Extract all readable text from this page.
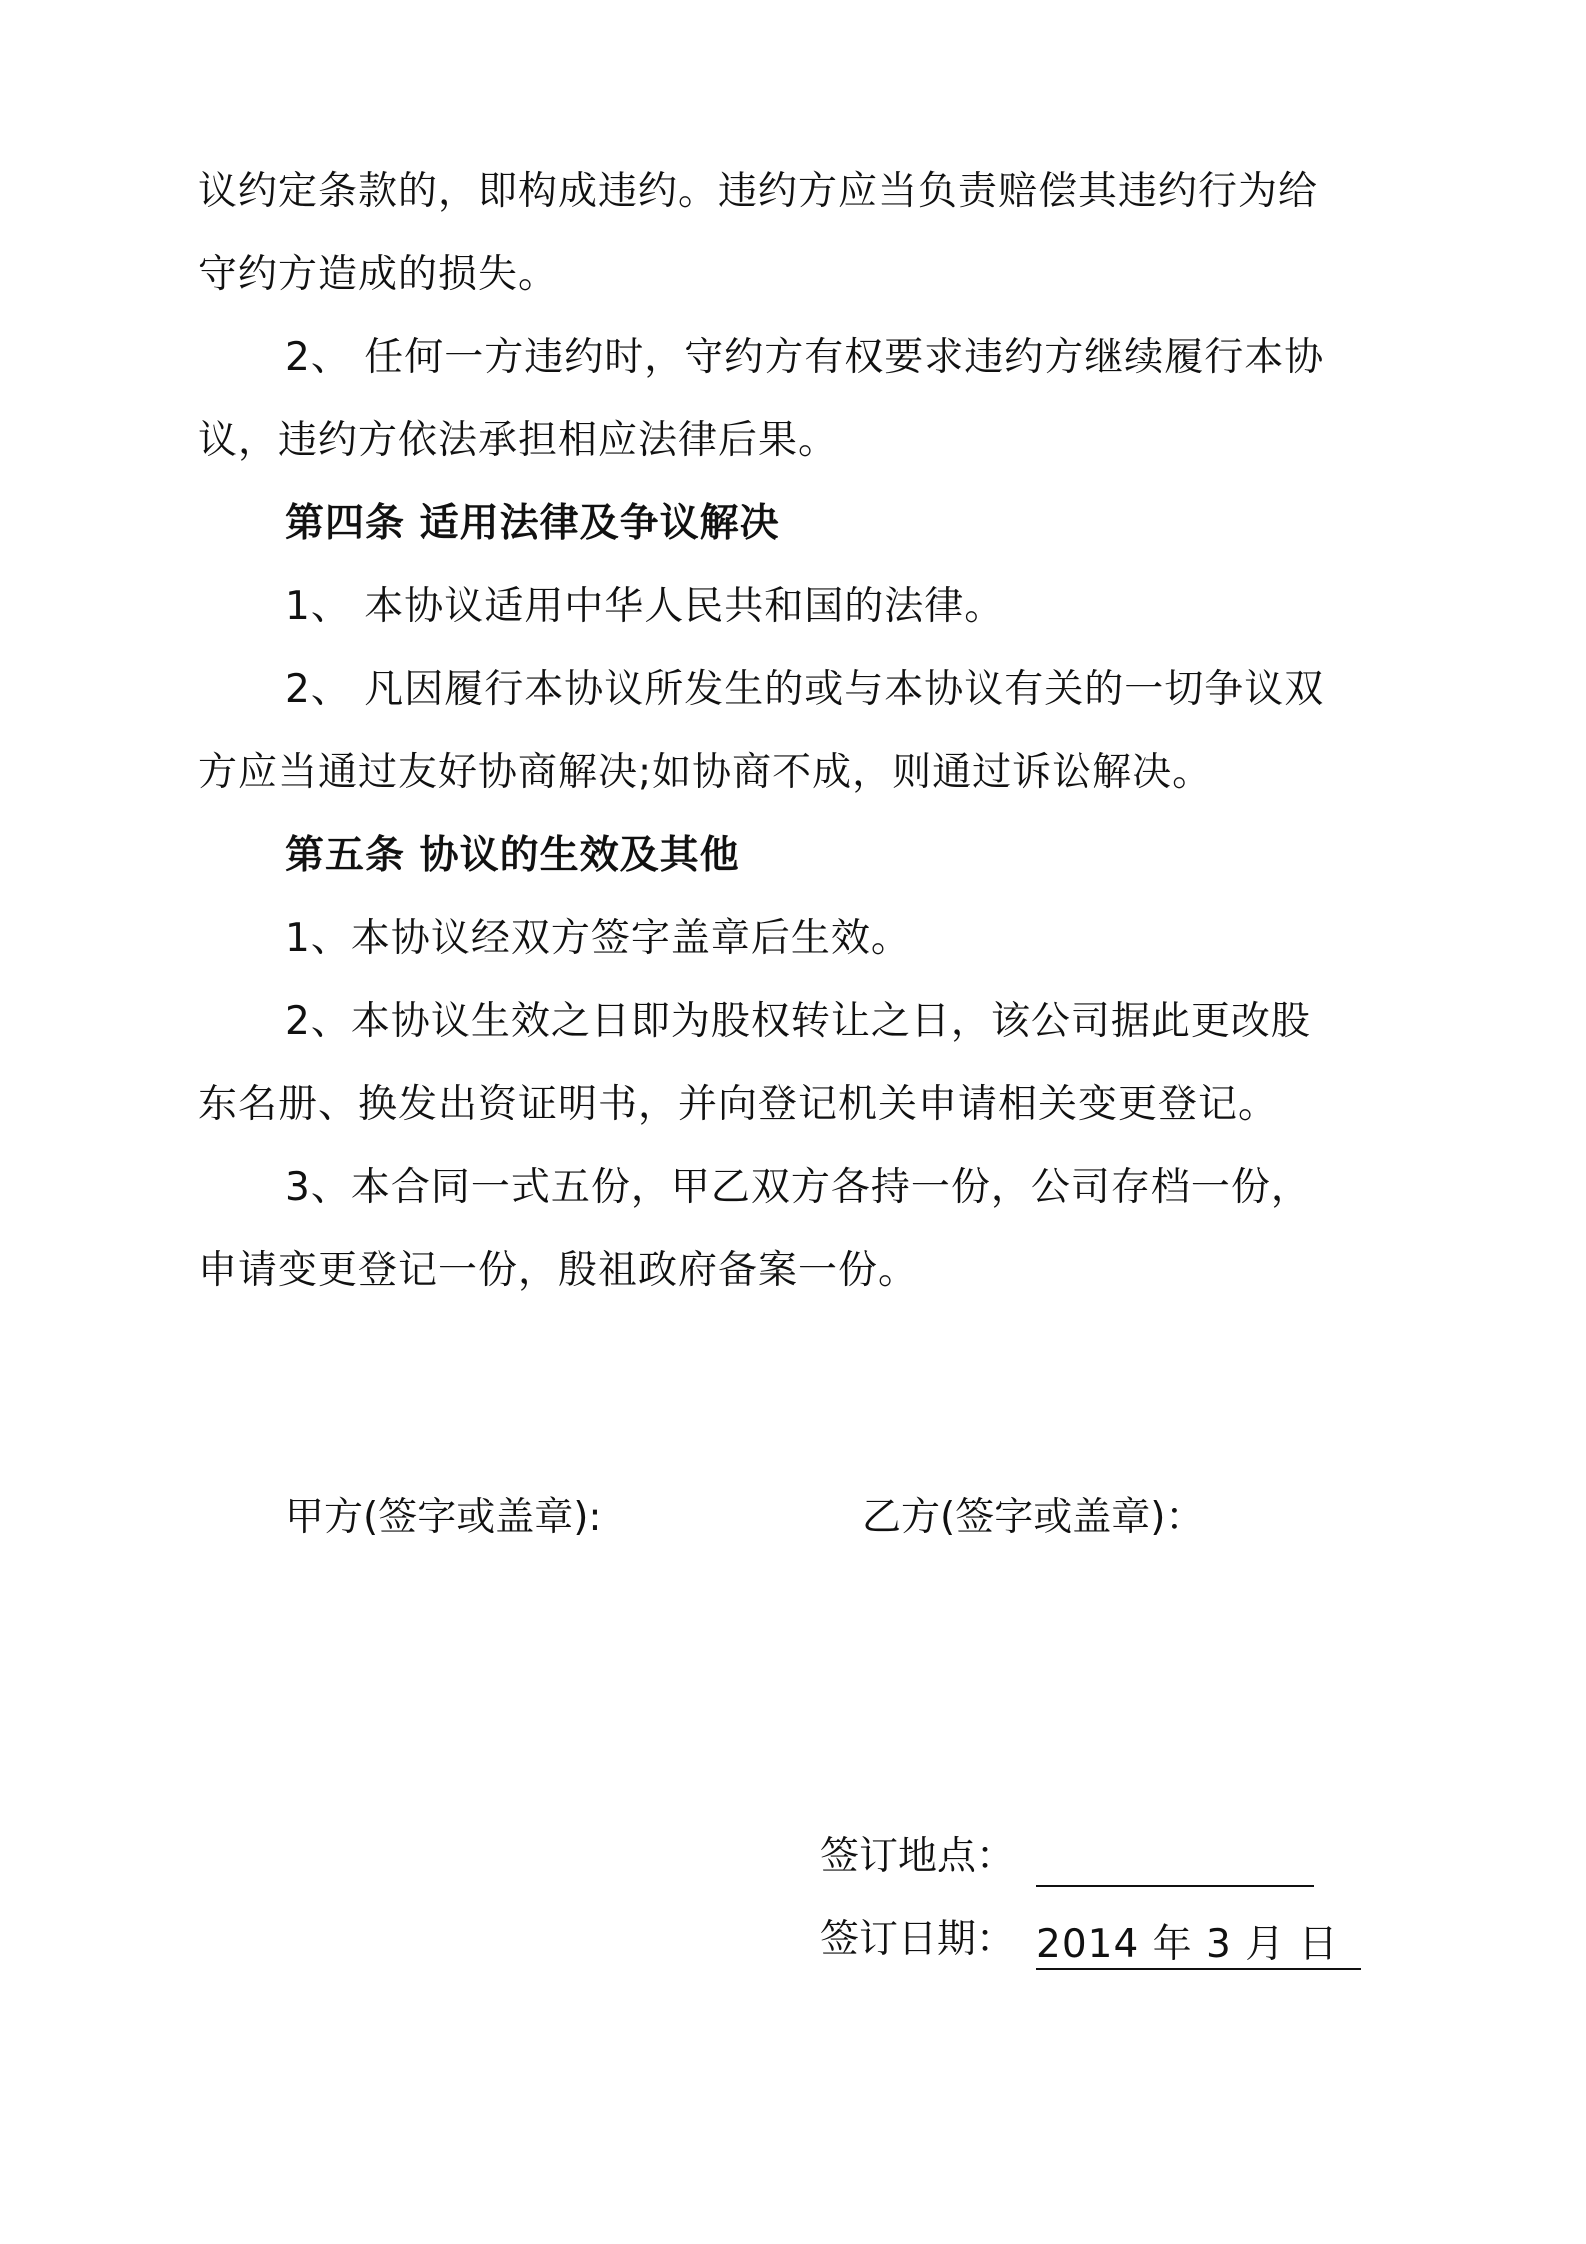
议约定条款的，即构成违约。违约方应当负责赔偿其违约行为给
守约方造成的损失。
2、 任何一方违约时，守约方有权要求违约方继续履行本协
议，违约方依法承担相应法律后果。
第四条 适用法律及争议解决
1、 本协议适用中华人民共和国的法律。
2、 凡因履行本协议所发生的或与本协议有关的一切争议双
方应当通过友好协商解决;如协商不成，则通过诉讼解决。
第五条 协议的生效及其他
1、本协议经双方签字盖章后生效。
2、本协议生效之日即为股权转让之日，该公司据此更改股
东名册、换发出资证明书，并向登记机关申请相关变更登记。
3、本合同一式五份，甲乙双方各持一份，公司存档一份，
申请变更登记一份，殷祖政府备案一份。
甲方(签字或盖章):	乙方(签字或盖章)：
签订地点：
签订日期： 2014 年 3 月 日
